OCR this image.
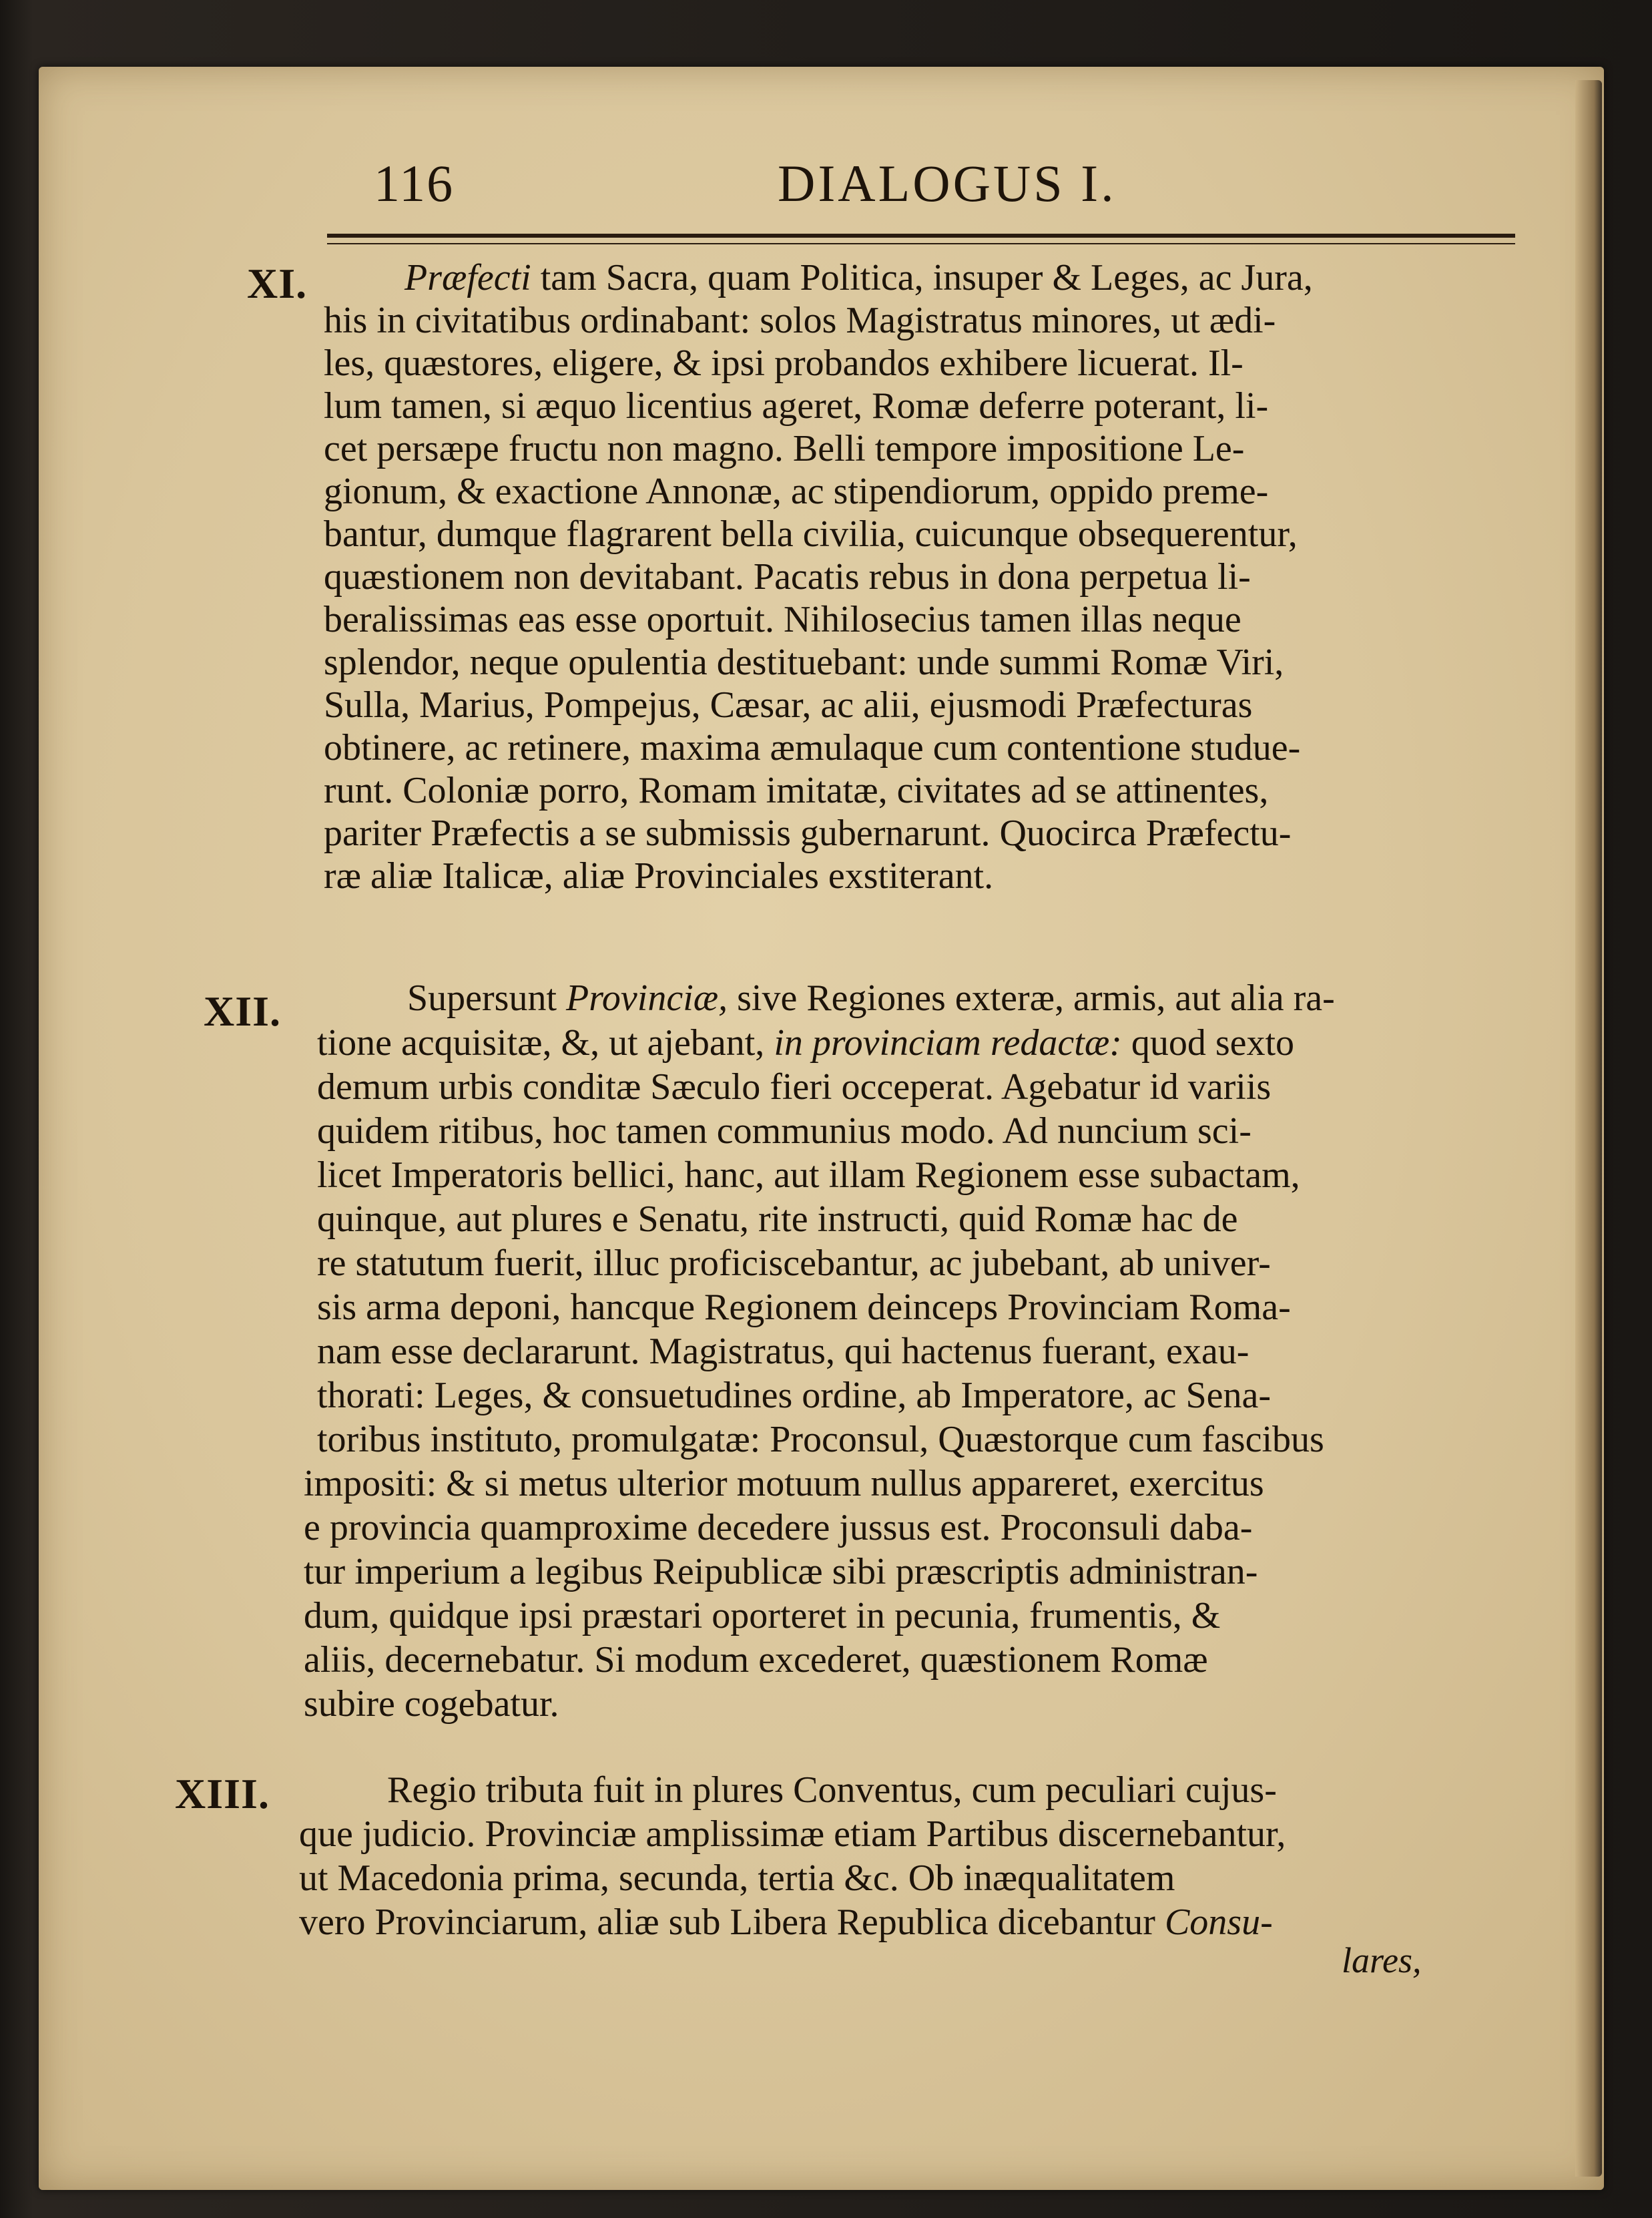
116	DIALOGUS I.
XI.	Præfecti tam Sacra, quam Politica, insuper & Leges, ac Jura,
his in civitatibus ordinabant: solos Magistratus minores, ut ædi-
les, quæstores, eligere, & ipsi probandos exhibere licuerat. Il-
lum tamen, si æquo licentius ageret, Romæ deferre poterant, li-
cet persæpe fructu non magno. Belli tempore impositione Le-
gionum, & exactione Annonæ, ac stipendiorum, oppido preme-
bantur, dumque flagrarent bella civilia, cuicunque obsequerentur,
quæstionem non devitabant. Pacatis rebus in dona perpetua li-
beralissimas eas esse oportuit. Nihilosecius tamen illas neque
splendor, neque opulentia destituebant: unde summi Romæ Viri,
Sulla, Marius, Pompejus, Cæsar, ac alii, ejusmodi Præfecturas
obtinere, ac retinere, maxima æmulaque cum contentione studue-
runt. Coloniæ porro, Romam imitatæ, civitates ad se attinentes,
pariter Præfectis a se submissis gubernarunt. Quocirca Præfectu-
ræ aliæ Italicæ, aliæ Provinciales exstiterant.
XII.	Supersunt Provinciæ, sive Regiones exteræ, armis, aut alia ra-
tione acquisitæ, &, ut ajebant, in provinciam redactæ: quod sexto
demum urbis conditæ Sæculo fieri occeperat. Agebatur id variis
quidem ritibus, hoc tamen communius modo. Ad nuncium sci-
licet Imperatoris bellici, hanc, aut illam Regionem esse subactam,
quinque, aut plures e Senatu, rite instructi, quid Romæ hac de
re statutum fuerit, illuc proficiscebantur, ac jubebant, ab univer-
sis arma deponi, hancque Regionem deinceps Provinciam Roma-
nam esse declararunt. Magistratus, qui hactenus fuerant, exau-
thorati: Leges, & consuetudines ordine, ab Imperatore, ac Sena-
toribus instituto, promulgatæ: Proconsul, Quæstorque cum fascibus
impositi: & si metus ulterior motuum nullus appareret, exercitus
e provincia quamproxime decedere jussus est. Proconsuli daba-
tur imperium a legibus Reipublicæ sibi præscriptis administran-
dum, quidque ipsi præstari oporteret in pecunia, frumentis, &
aliis, decernebatur. Si modum excederet, quæstionem Romæ
subire cogebatur.
XIII.	Regio tributa fuit in plures Conventus, cum peculiari cujus-
que judicio. Provinciæ amplissimæ etiam Partibus discernebantur,
ut Macedonia prima, secunda, tertia &c. Ob inæqualitatem
vero Provinciarum, aliæ sub Libera Republica dicebantur Consu-
lares,
